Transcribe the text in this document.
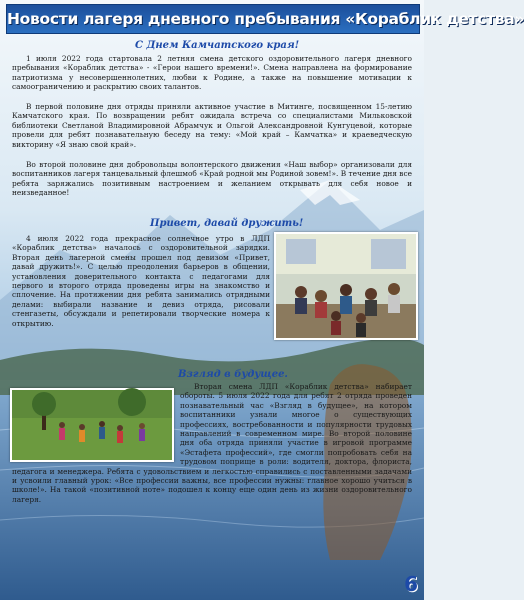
Новости лагеря дневного пребывания «Кораблик детства»
С Днем Камчатского края!

1 июля 2022 года стартовала 2 летняя смена детского оздоровительного лагеря дневного пребывания «Кораблик детства» - «Герои нашего времени!». Смена направлена на формирование патриотизма у несовершеннолетних, любви к Родине, а также на повышение мотивации к самоограничению и раскрытию своих талантов.

В первой половине дня отряды приняли активное участие в Митинге, посвященном 15-летию Камчатского края. По возвращении ребят ожидала встреча со специалистами Мильковской библиотеки Светланой Владимировной Абрамчук и Ольгой Александровной Кунгуцевой, которые провели для ребят познавательную беседу на тему: «Мой край – Камчатка» и краеведческую викторину «Я знаю свой край».

Во второй половине дня добровольцы волонтерского движения «Наш выбор» организовали для воспитанников лагеря танцевальный флешмоб «Край родной мы Родиной зовем!». В течение дня все ребята заряжались позитивным настроением и желанием открывать для себя новое и неизведанное!

Привет, давай дружить!

4 июля 2022 года прекрасное солнечное утро в ЛДП «Кораблик детства» началось с оздоровительной зарядки. Вторая день лагерной смены прошел под девизом «Привет, давай дружить!». С целью преодоления барьеров в общении, установления доверительного контакта с педагогами для первого и второго отряда проведены игры на знакомство и сплочение. На протяжении дня ребята занимались отрядными делами: выбирали название и девиз отряда, рисовали стенгазеты, обсуждали и репетировали творческие номера к открытию.

Взгляд в будущее.

Вторая смена ЛДП «Кораблик детства» набирает обороты. 5 июля 2022 года для ребят 2 отряда проведен познавательный час «Взгляд в будущее», на котором воспитанники узнали многое о существующих профессиях, востребованности и популярности трудовых направлений в современном мире. Во второй половине дня оба отряда приняли участие в игровой программе «Эстафета профессий», где смогли попробовать себя на трудовом поприще в роли: водителя, доктора, флориста, педагога и менеджера. Ребята с удовольствием и легкостью справились с поставленными задачами и усвоили главный урок: «Все профессии важны, все профессии нужны: главное хорошо учиться в школе!». На такой «позитивной ноте» подошел к концу еще один день из жизни оздоровительного лагеря.

6
